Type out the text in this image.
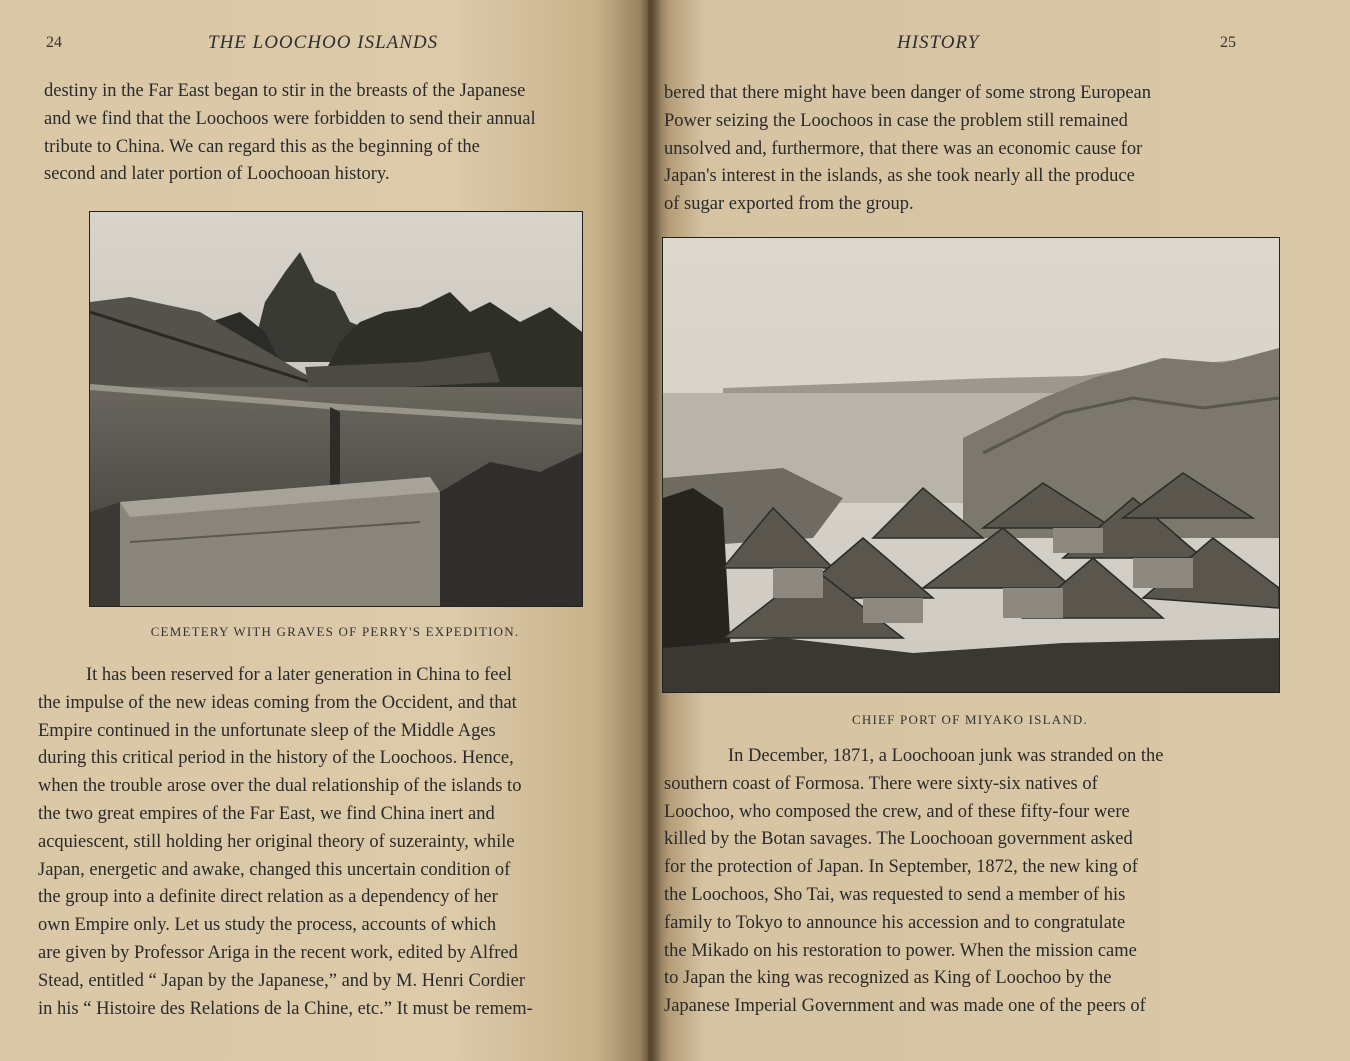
24	THE LOOCHOO ISLANDS
destiny in the Far East began to stir in the breasts of the Japanese
and we find that the Loochoos were forbidden to send their annual
tribute to China. We can regard this as the beginning of the
second and later portion of Loochooan history.
CEMETERY WITH GRAVES OF PERRY'S EXPEDITION.
It has been reserved for a later generation in China to feel
the impulse of the new ideas coming from the Occident, and that
Empire continued in the unfortunate sleep of the Middle Ages
during this critical period in the history of the Loochoos. Hence,
when the trouble arose over the dual relationship of the islands to
the two great empires of the Far East, we find China inert and
acquiescent, still holding her original theory of suzerainty, while
Japan, energetic and awake, changed this uncertain condition of
the group into a definite direct relation as a dependency of her
own Empire only. Let us study the process, accounts of which
are given by Professor Ariga in the recent work, edited by Alfred
Stead, entitled “ Japan by the Japanese,” and by M. Henri Cordier
in his “ Histoire des Relations de la Chine, etc.” It must be remem-
HISTORY	25
bered that there might have been danger of some strong European
Power seizing the Loochoos in case the problem still remained
unsolved and, furthermore, that there was an economic cause for
Japan's interest in the islands, as she took nearly all the produce
of sugar exported from the group.
CHIEF PORT OF MIYAKO ISLAND.
In December, 1871, a Loochooan junk was stranded on the
southern coast of Formosa. There were sixty-six natives of
Loochoo, who composed the crew, and of these fifty-four were
killed by the Botan savages. The Loochooan government asked
for the protection of Japan. In September, 1872, the new king of
the Loochoos, Sho Tai, was requested to send a member of his
family to Tokyo to announce his accession and to congratulate
the Mikado on his restoration to power. When the mission came
to Japan the king was recognized as King of Loochoo by the
Japanese Imperial Government and was made one of the peers of
